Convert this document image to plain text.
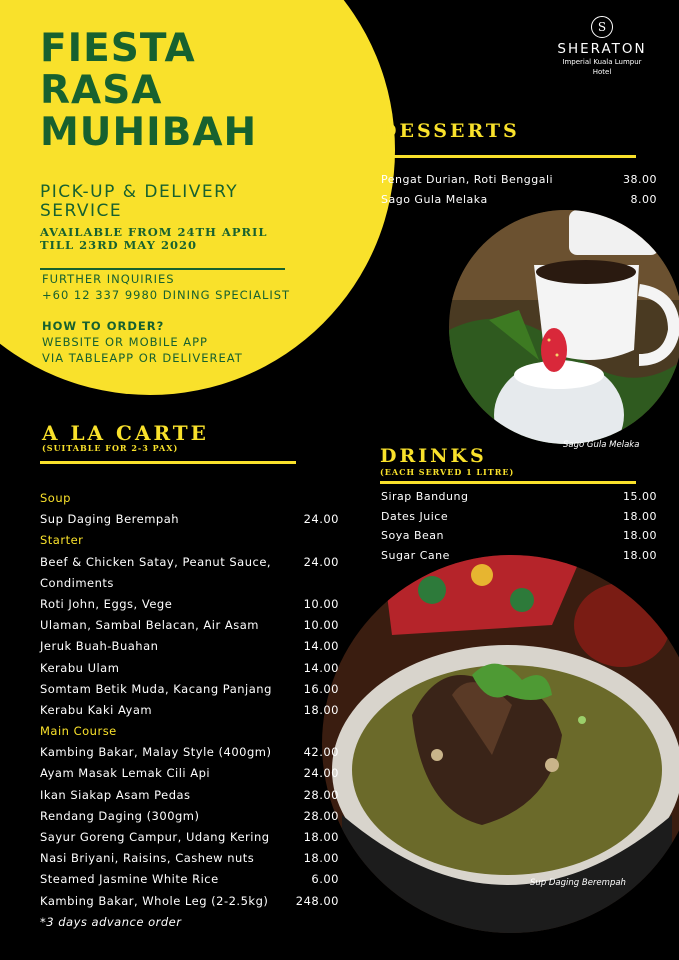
FIESTA
RASA
MUHIBAH
PICK-UP & DELIVERY
SERVICE
AVAILABLE FROM 24TH APRIL
TILL 23RD MAY 2020
FURTHER INQUIRIES
+60 12 337 9980 DINING SPECIALIST
HOW TO ORDER?
WEBSITE OR MOBILE APP
VIA TABLEAPP OR DELIVEREAT
S
SHERATON
Imperial Kuala Lumpur Hotel
DESSERTS
Pengat Durian, Roti Benggali	38.00
Sago Gula Melaka	8.00
Sago Gula Melaka
DRINKS
(EACH SERVED 1 LITRE)
Sirap Bandung	15.00
Dates Juice	18.00
Soya Bean	18.00
Sugar Cane	18.00
Sup Daging Berempah
A LA CARTE
(SUITABLE FOR 2-3 PAX)
Soup
Sup Daging Berempah	24.00
Starter
Beef & Chicken Satay, Peanut Sauce,	24.00
Condiments
Roti John, Eggs, Vege	10.00
Ulaman, Sambal Belacan, Air Asam	10.00
Jeruk Buah-Buahan	14.00
Kerabu Ulam	14.00
Somtam Betik Muda, Kacang Panjang	16.00
Kerabu Kaki Ayam	18.00
Main Course
Kambing Bakar, Malay Style (400gm)	42.00
Ayam Masak Lemak Cili Api	24.00
Ikan Siakap Asam Pedas	28.00
Rendang Daging (300gm)	28.00
Sayur Goreng Campur, Udang Kering	18.00
Nasi Briyani, Raisins, Cashew nuts	18.00
Steamed Jasmine White Rice	6.00
Kambing Bakar, Whole Leg (2-2.5kg) 248.00
*3 days advance order
